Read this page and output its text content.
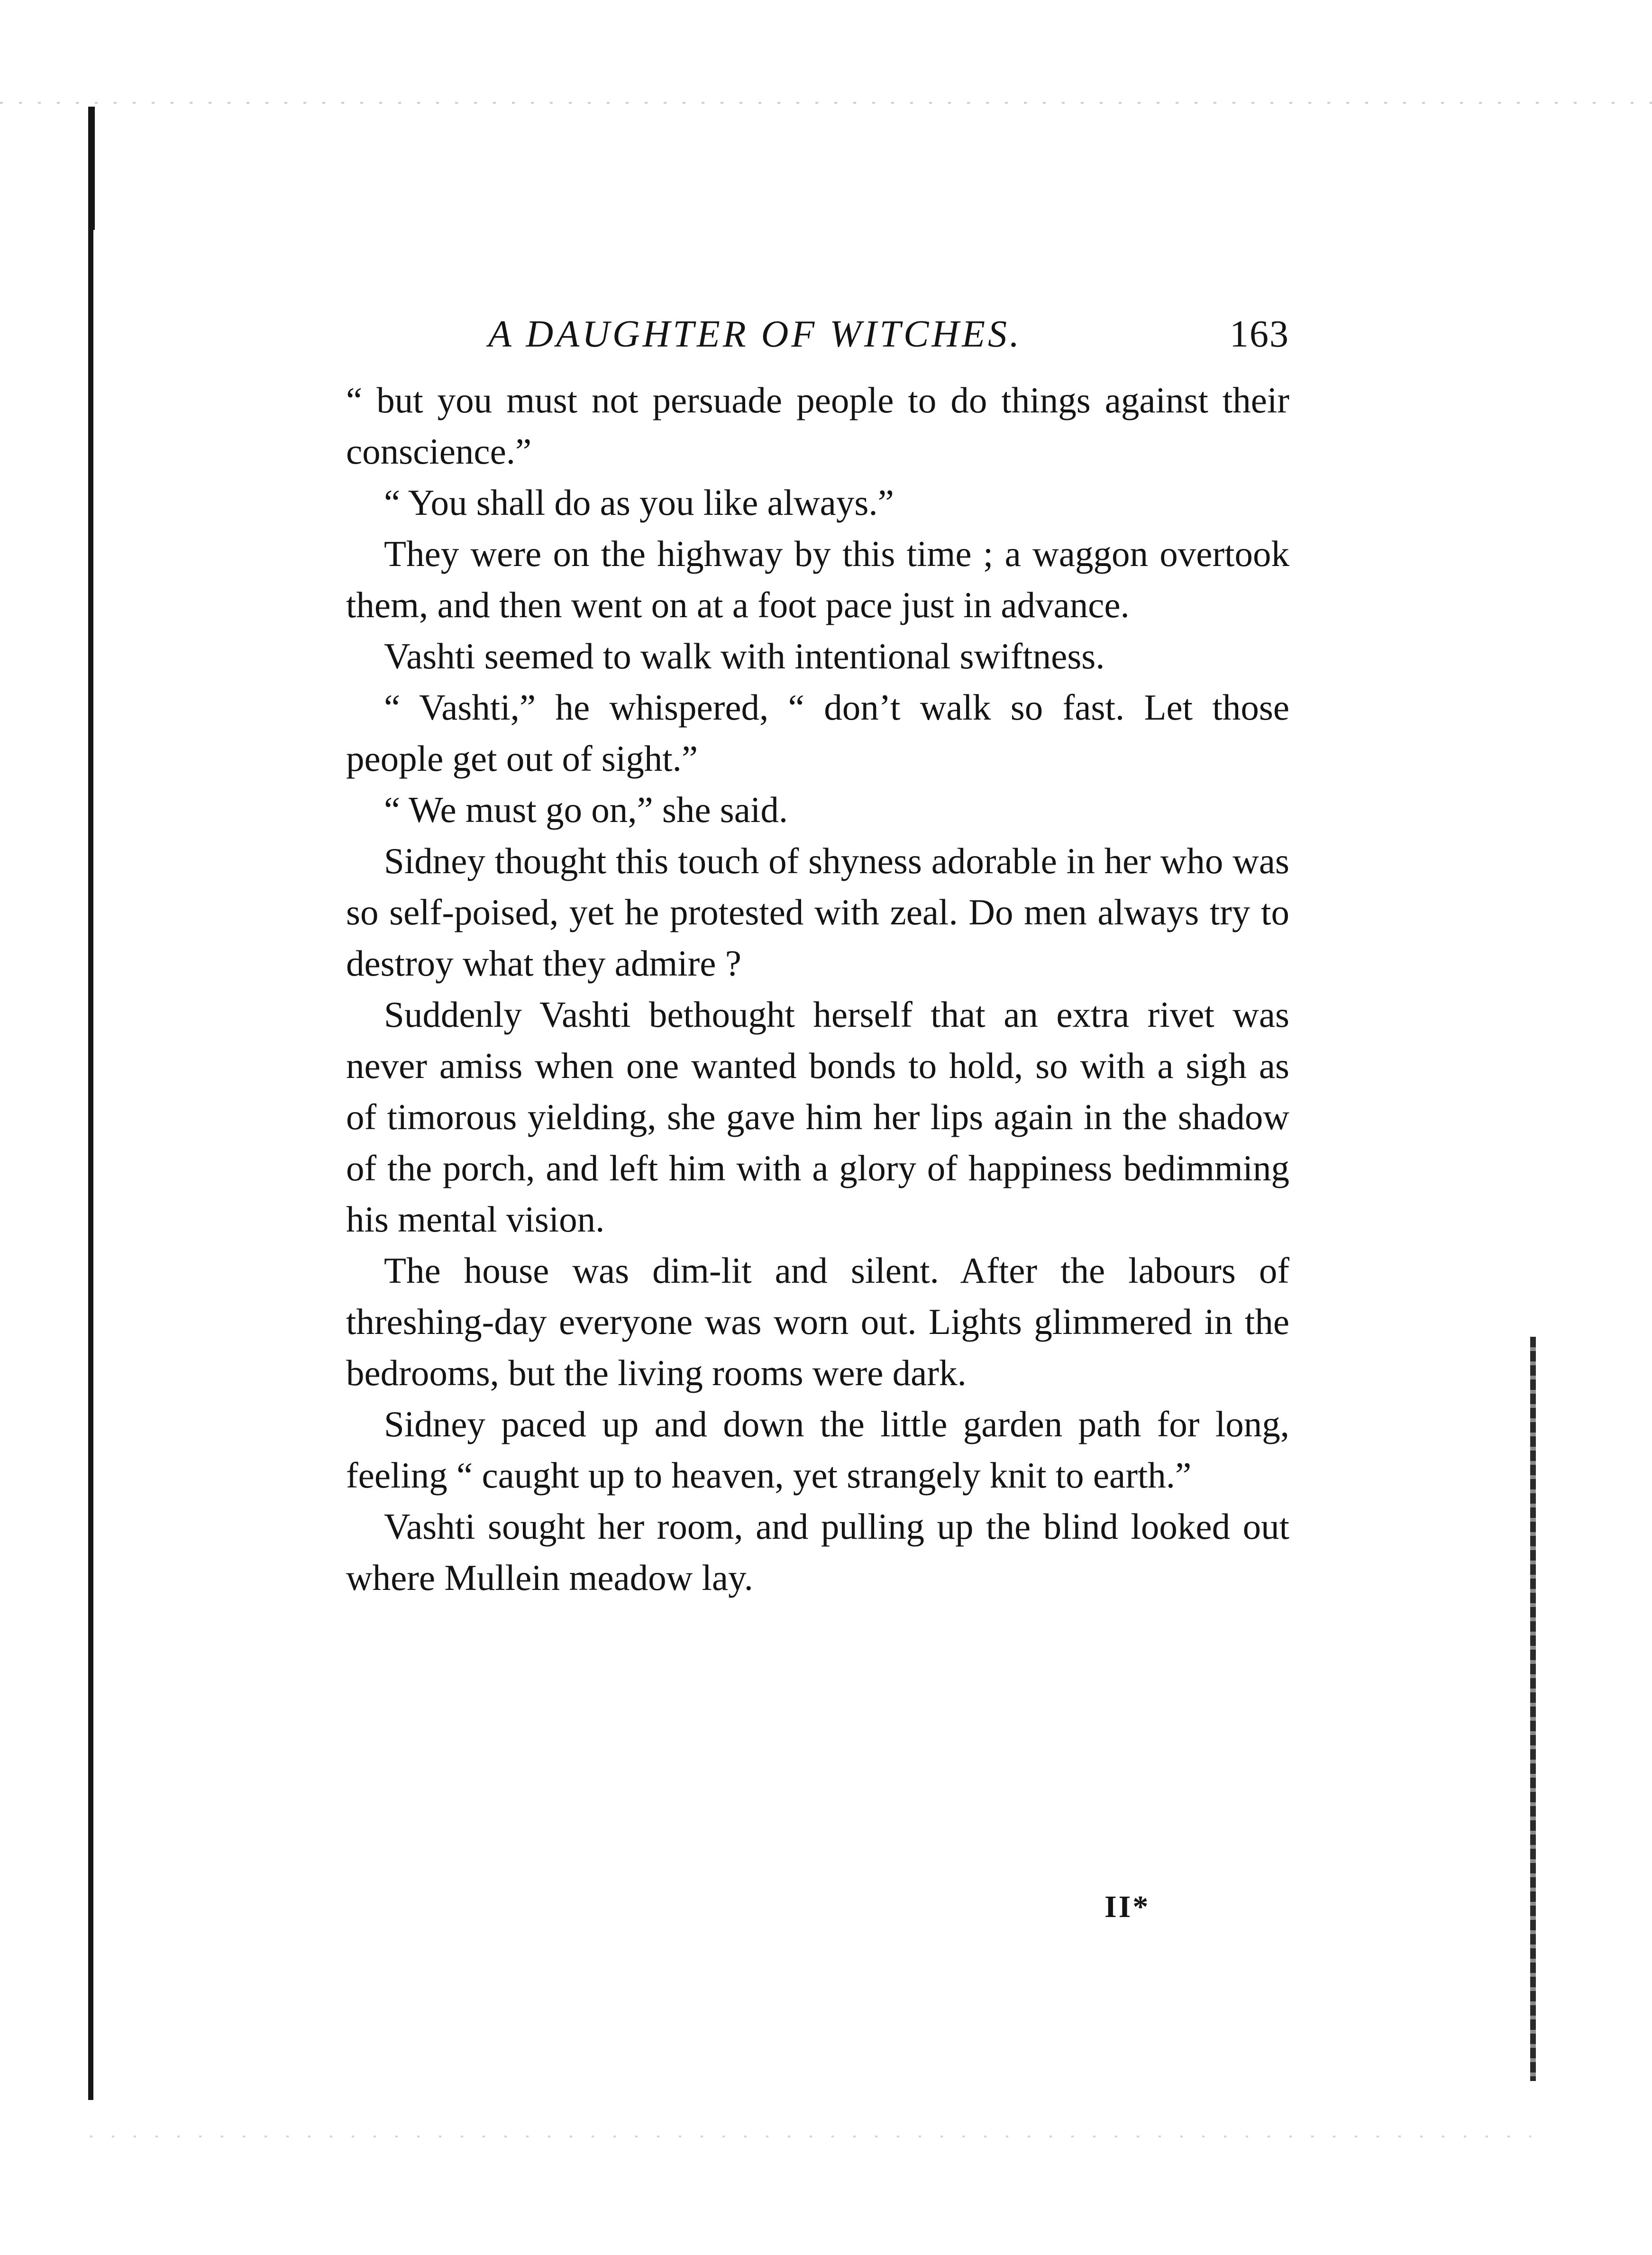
A DAUGHTER OF WITCHES.	163

“ but you must not persuade people to do things against their conscience.”

“ You shall do as you like always.”

They were on the highway by this time ; a waggon overtook them, and then went on at a foot pace just in advance.

Vashti seemed to walk with intentional swiftness.

“ Vashti,” he whispered, “ don’t walk so fast. Let those people get out of sight.”

“ We must go on,” she said.

Sidney thought this touch of shyness adorable in her who was so self-poised, yet he protested with zeal. Do men always try to destroy what they admire ?

Suddenly Vashti bethought herself that an extra rivet was never amiss when one wanted bonds to hold, so with a sigh as of timorous yielding, she gave him her lips again in the shadow of the porch, and left him with a glory of happiness bedimming his mental vision.

The house was dim-lit and silent. After the labours of threshing-day everyone was worn out. Lights glimmered in the bedrooms, but the living rooms were dark.

Sidney paced up and down the little garden path for long, feeling “ caught up to heaven, yet strangely knit to earth.”

Vashti sought her room, and pulling up the blind looked out where Mullein meadow lay.

II*
